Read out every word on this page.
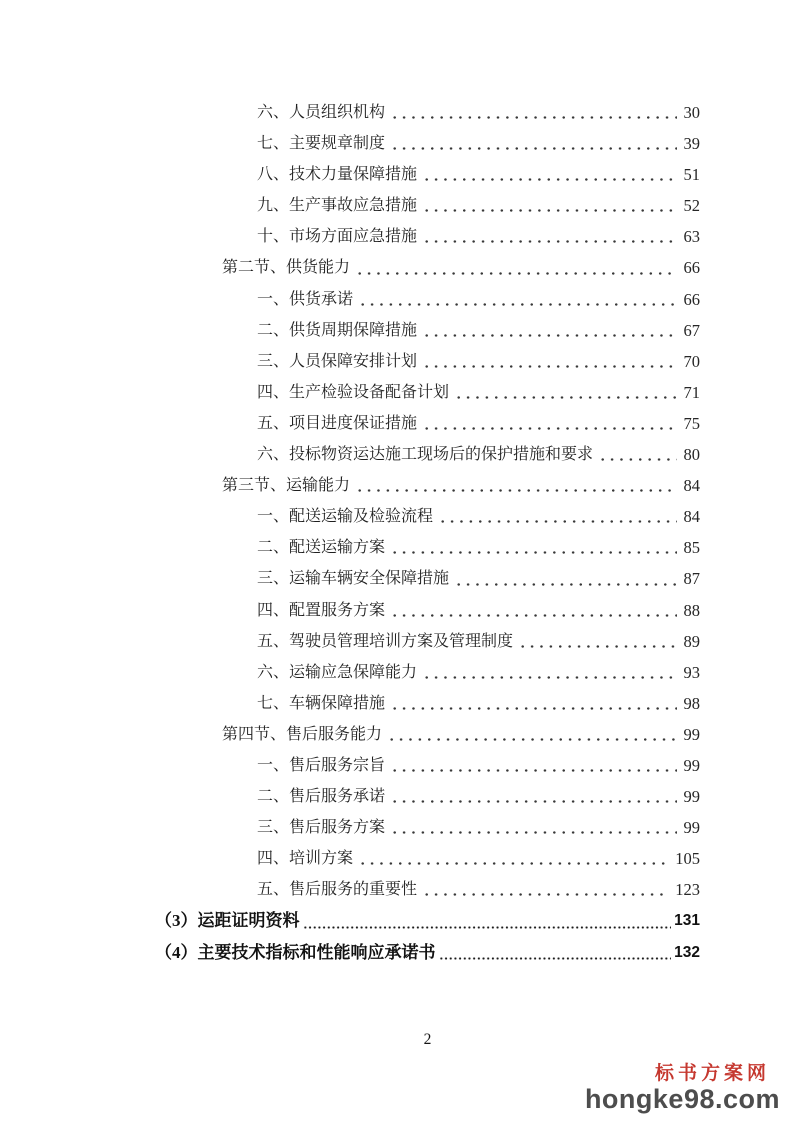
六、人员组织机构	30
七、主要规章制度	39
八、技术力量保障措施	51
九、生产事故应急措施	52
十、市场方面应急措施	63
第二节、供货能力	66
一、供货承诺	66
二、供货周期保障措施	67
三、人员保障安排计划	70
四、生产检验设备配备计划	71
五、项目进度保证措施	75
六、投标物资运达施工现场后的保护措施和要求	80
第三节、运输能力	84
一、配送运输及检验流程	84
二、配送运输方案	85
三、运输车辆安全保障措施	87
四、配置服务方案	88
五、驾驶员管理培训方案及管理制度	89
六、运输应急保障能力	93
七、车辆保障措施	98
第四节、售后服务能力	99
一、售后服务宗旨	99
二、售后服务承诺	99
三、售后服务方案	99
四、培训方案	105
五、售后服务的重要性	123
（3）运距证明资料	131
（4）主要技术指标和性能响应承诺书	132
2
标书方案网
hongke98.com
